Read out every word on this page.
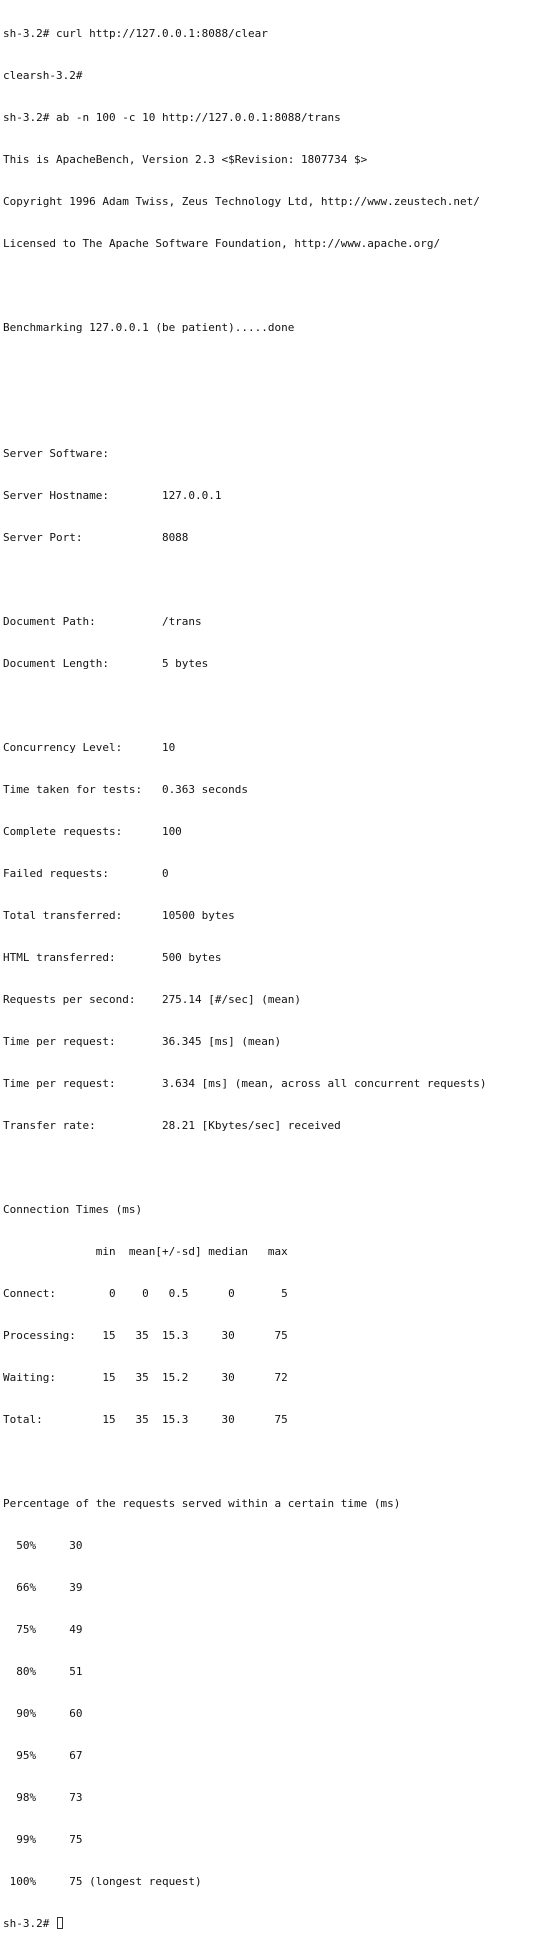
sh-3.2# curl http://127.0.0.1:8088/clear

clearsh-3.2#

sh-3.2# ab -n 100 -c 10 http://127.0.0.1:8088/trans

This is ApacheBench, Version 2.3 <$Revision: 1807734 $>

Copyright 1996 Adam Twiss, Zeus Technology Ltd, http://www.zeustech.net/

Licensed to The Apache Software Foundation, http://www.apache.org/

Benchmarking 127.0.0.1 (be patient).....done

Server Software:

Server Hostname:        127.0.0.1

Server Port:            8088

Document Path:          /trans

Document Length:        5 bytes

Concurrency Level:      10

Time taken for tests:   0.363 seconds

Complete requests:      100

Failed requests:        0

Total transferred:      10500 bytes

HTML transferred:       500 bytes

Requests per second:    275.14 [#/sec] (mean)

Time per request:       36.345 [ms] (mean)

Time per request:       3.634 [ms] (mean, across all concurrent requests)

Transfer rate:          28.21 [Kbytes/sec] received

Connection Times (ms)

min  mean[+/-sd] median   max

Connect:        0    0   0.5      0       5

Processing:    15   35  15.3     30      75

Waiting:       15   35  15.2     30      72

Total:         15   35  15.3     30      75

Percentage of the requests served within a certain time (ms)

50%     30

66%     39

75%     49

80%     51

90%     60

95%     67

98%     73

99%     75

100%     75 (longest request)

sh-3.2#
